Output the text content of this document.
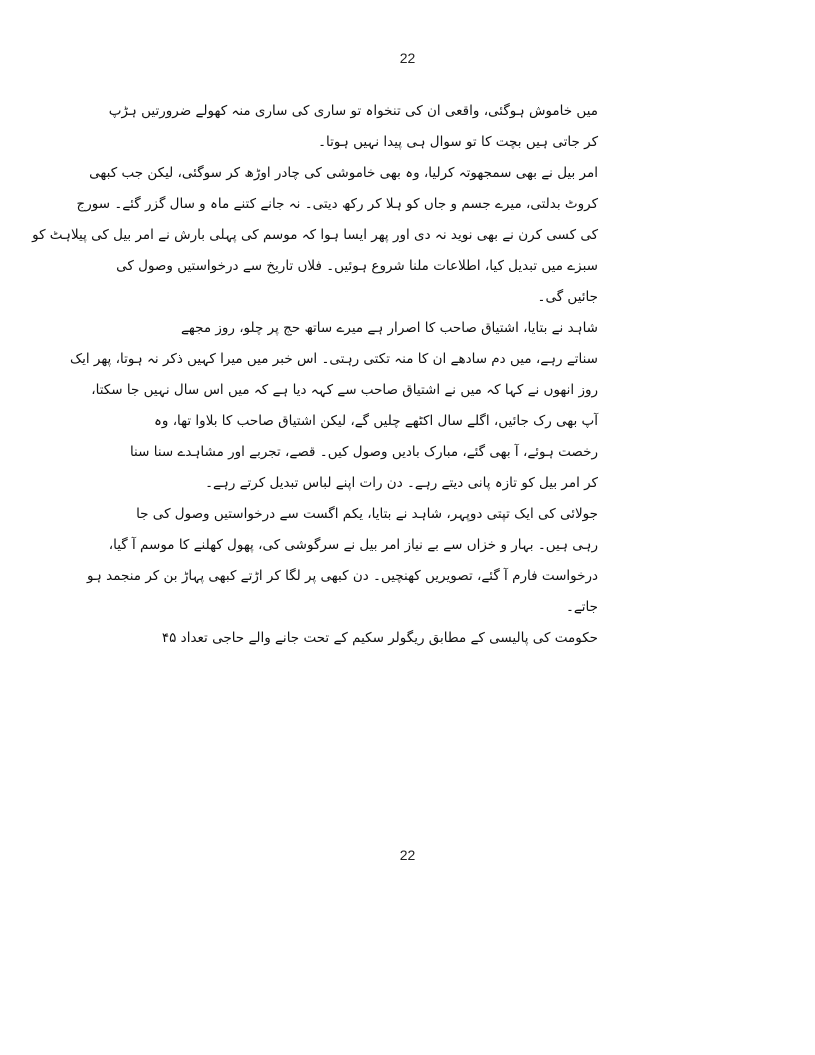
22
میں خاموش ہوگئی، واقعی ان کی تنخواہ تو ساری کی ساری منہ کھولے ضرورتیں ہڑپ
کر جاتی ہیں بچت کا تو سوال ہی پیدا نہیں ہوتا۔
امر بیل نے بھی سمجھوتہ کرلیا، وہ بھی خاموشی کی چادر اوڑھ کر سوگئی، لیکن جب کبھی
کروٹ بدلتی، میرے جسم و جاں کو ہلا کر رکھ دیتی۔ نہ جانے کتنے ماہ و سال گزر گئے۔ سورج
کی کسی کرن نے بھی نوید نہ دی اور پھر ایسا ہوا کہ موسم کی پہلی بارش نے امر بیل کی پیلاہٹ کو
سبزے میں تبدیل کیا، اطلاعات ملنا شروع ہوئیں۔ فلاں تاریخ سے درخواستیں وصول کی
جائیں گی۔
شاہد نے بتایا، اشتیاق صاحب کا اصرار ہے میرے ساتھ حج پر چلو، روز مجھے
سناتے رہے، میں دم سادھے ان کا منہ تکتی رہتی۔ اس خبر میں میرا کہیں ذکر نہ ہوتا، پھر ایک
روز انھوں نے کہا کہ میں نے اشتیاق صاحب سے کہہ دیا ہے کہ میں اس سال نہیں جا سکتا،
آپ بھی رک جائیں، اگلے سال اکٹھے چلیں گے، لیکن اشتیاق صاحب کا بلاوا تھا، وہ
رخصت ہوئے، آ بھی گئے، مبارک بادیں وصول کیں۔ قصے، تجربے اور مشاہدے سنا سنا
کر امر بیل کو تازہ پانی دیتے رہے۔ دن رات اپنے لباس تبدیل کرتے رہے۔
جولائی کی ایک تپتی دوپہر، شاہد نے بتایا، یکم اگست سے درخواستیں وصول کی جا
رہی ہیں۔ بہار و خزاں سے بے نیاز امر بیل نے سرگوشی کی، پھول کھلنے کا موسم آ گیا،
درخواست فارم آ گئے، تصویریں کھنچیں۔ دن کبھی پر لگا کر اڑتے کبھی پہاڑ بن کر منجمد ہو
جاتے۔
حکومت کی پالیسی کے مطابق ریگولر سکیم کے تحت جانے والے حاجی تعداد ۴۵
22
